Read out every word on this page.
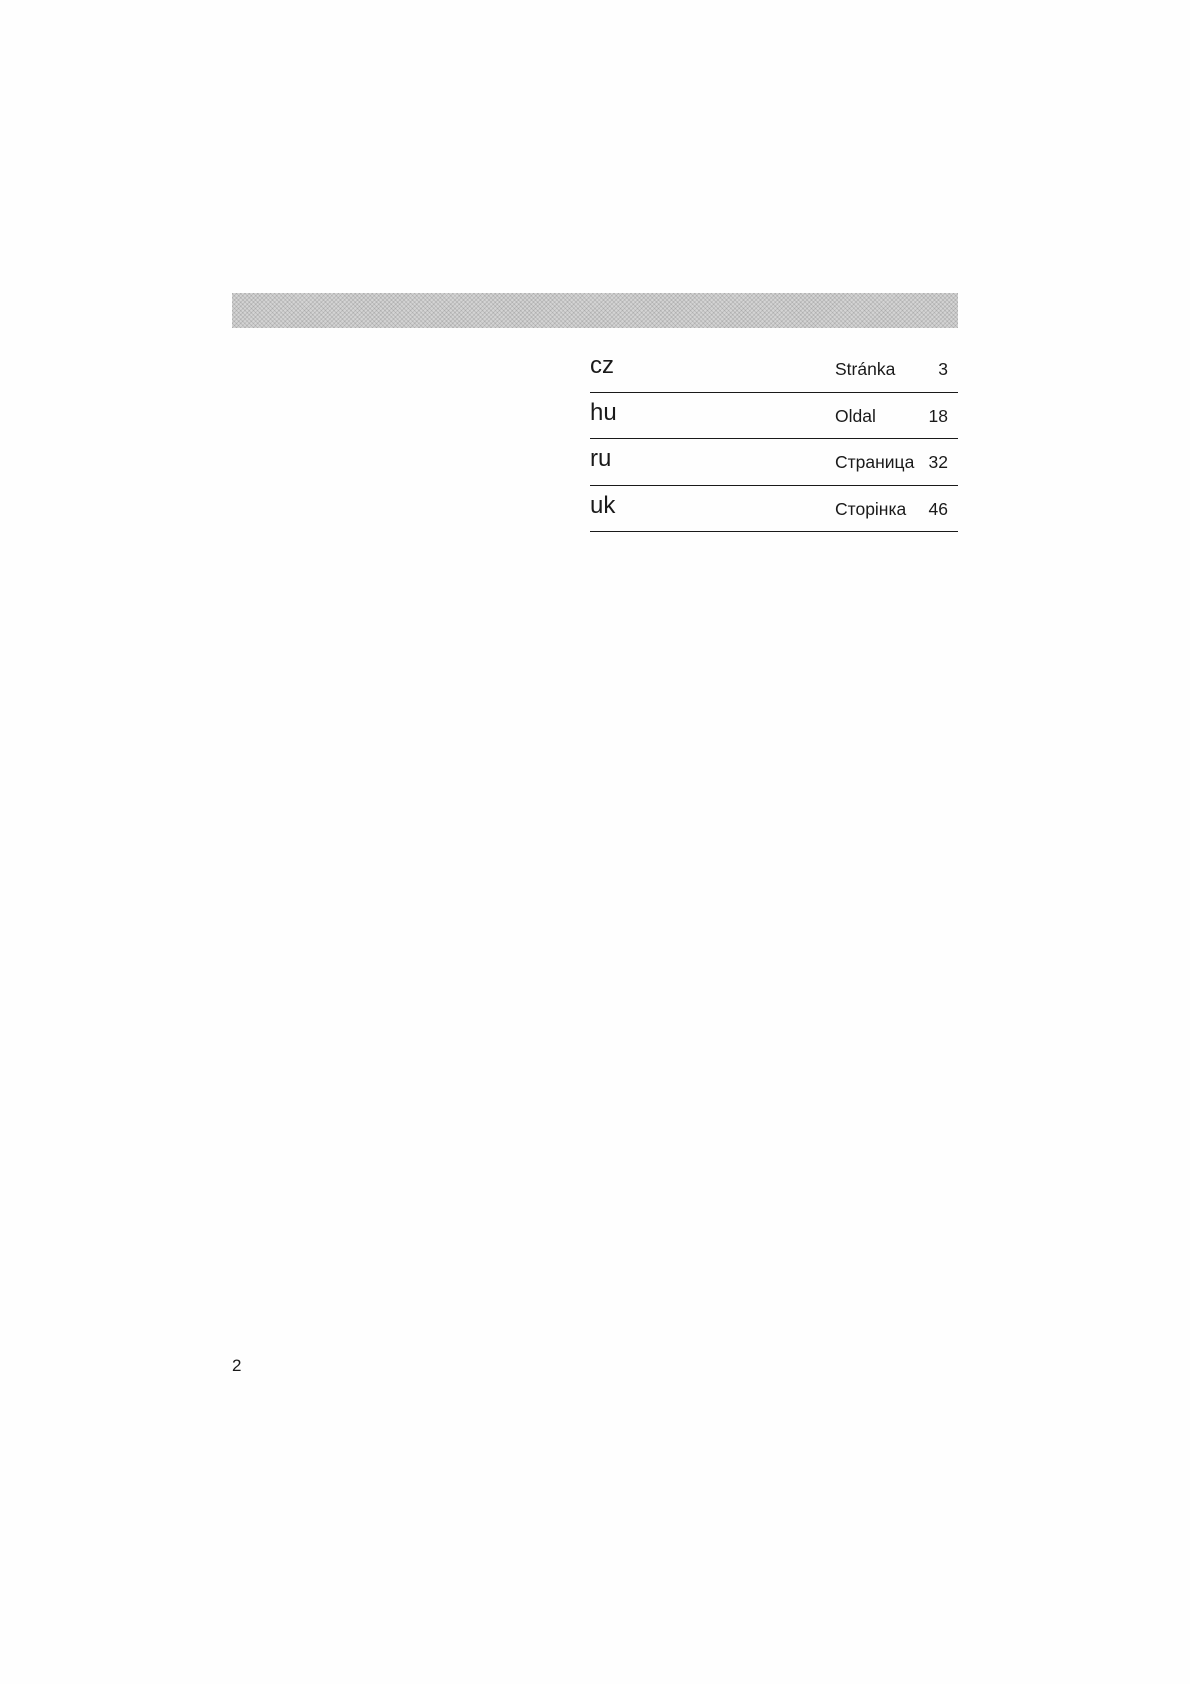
cz	Stránka 3
hu	Oldal	18
ru	Страница 32
uk	Сторінка 46
2
